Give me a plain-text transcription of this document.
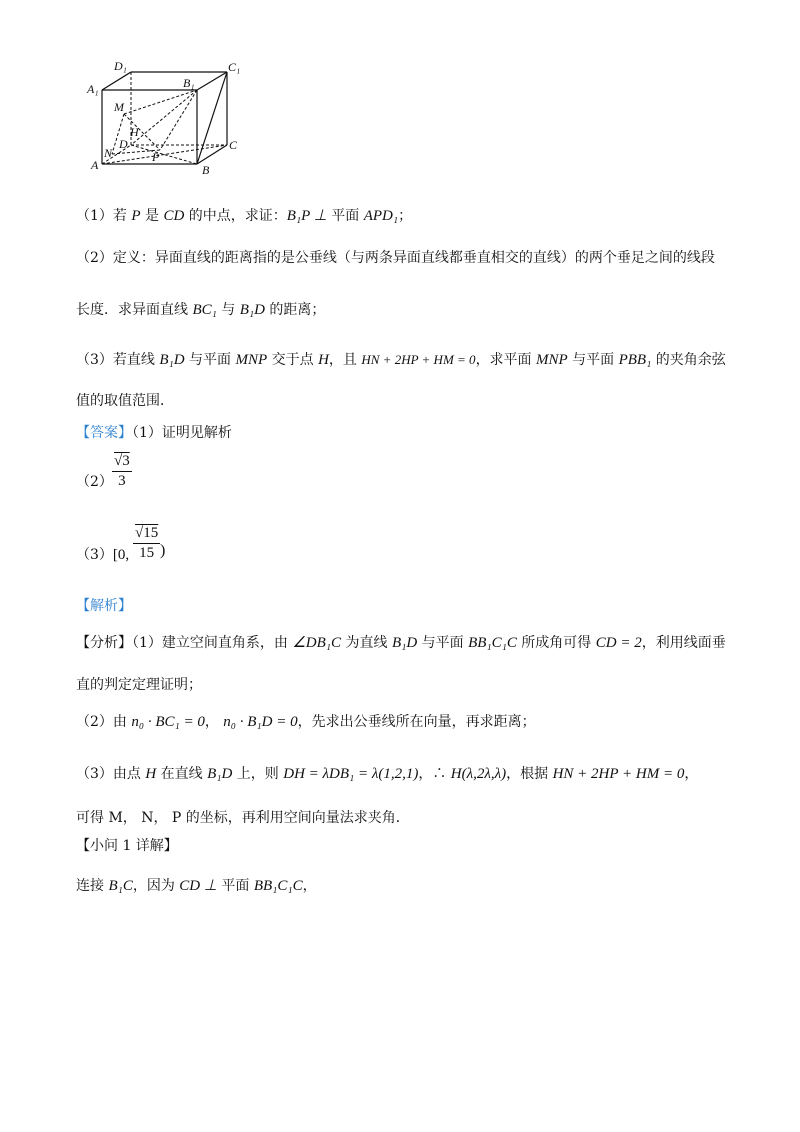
D₁	C₁
A₁	B₁
M
H
D	C
N	P
A	B
（1）若 P 是 CD 的中点，求证：B₁P ⊥ 平面 APD₁；
（2）定义：异面直线的距离指的是公垂线（与两条异面直线都垂直相交的直线）的两个垂足之间的线段
长度．求异面直线 BC₁ 与 B₁D 的距离；
（3）若直线 B₁D 与平面 MNP 交于点 H，且 HN + 2HP + HM = 0，求平面 MNP 与平面 PBB₁ 的夹角余弦
值的取值范围．
【答案】（1）证明见解析
$(2) \frac{√3}{3}$
（3）[0, $\frac{√15}{15}$ )
【解析】
【分析】（1）建立空间直角系，由 ∠DB₁C 为直线 B₁D 与平面 BB₁C₁C 所成角可得 CD = 2，利用线面垂
直的判定定理证明；
（2）由 n₀ · BC₁ = 0， n₀ · B₁D = 0，先求出公垂线所在向量，再求距离；
（3）由点 H 在直线 B₁D 上，则 DH = λDB₁ = λ(1,2,1)，∴ H(λ,2λ,λ)，根据 HN + 2HP + HM = 0，
可得 M， N， P 的坐标，再利用空间向量法求夹角．
【小问 1 详解】
连接 B₁C，因为 CD ⊥ 平面 BB₁C₁C，
